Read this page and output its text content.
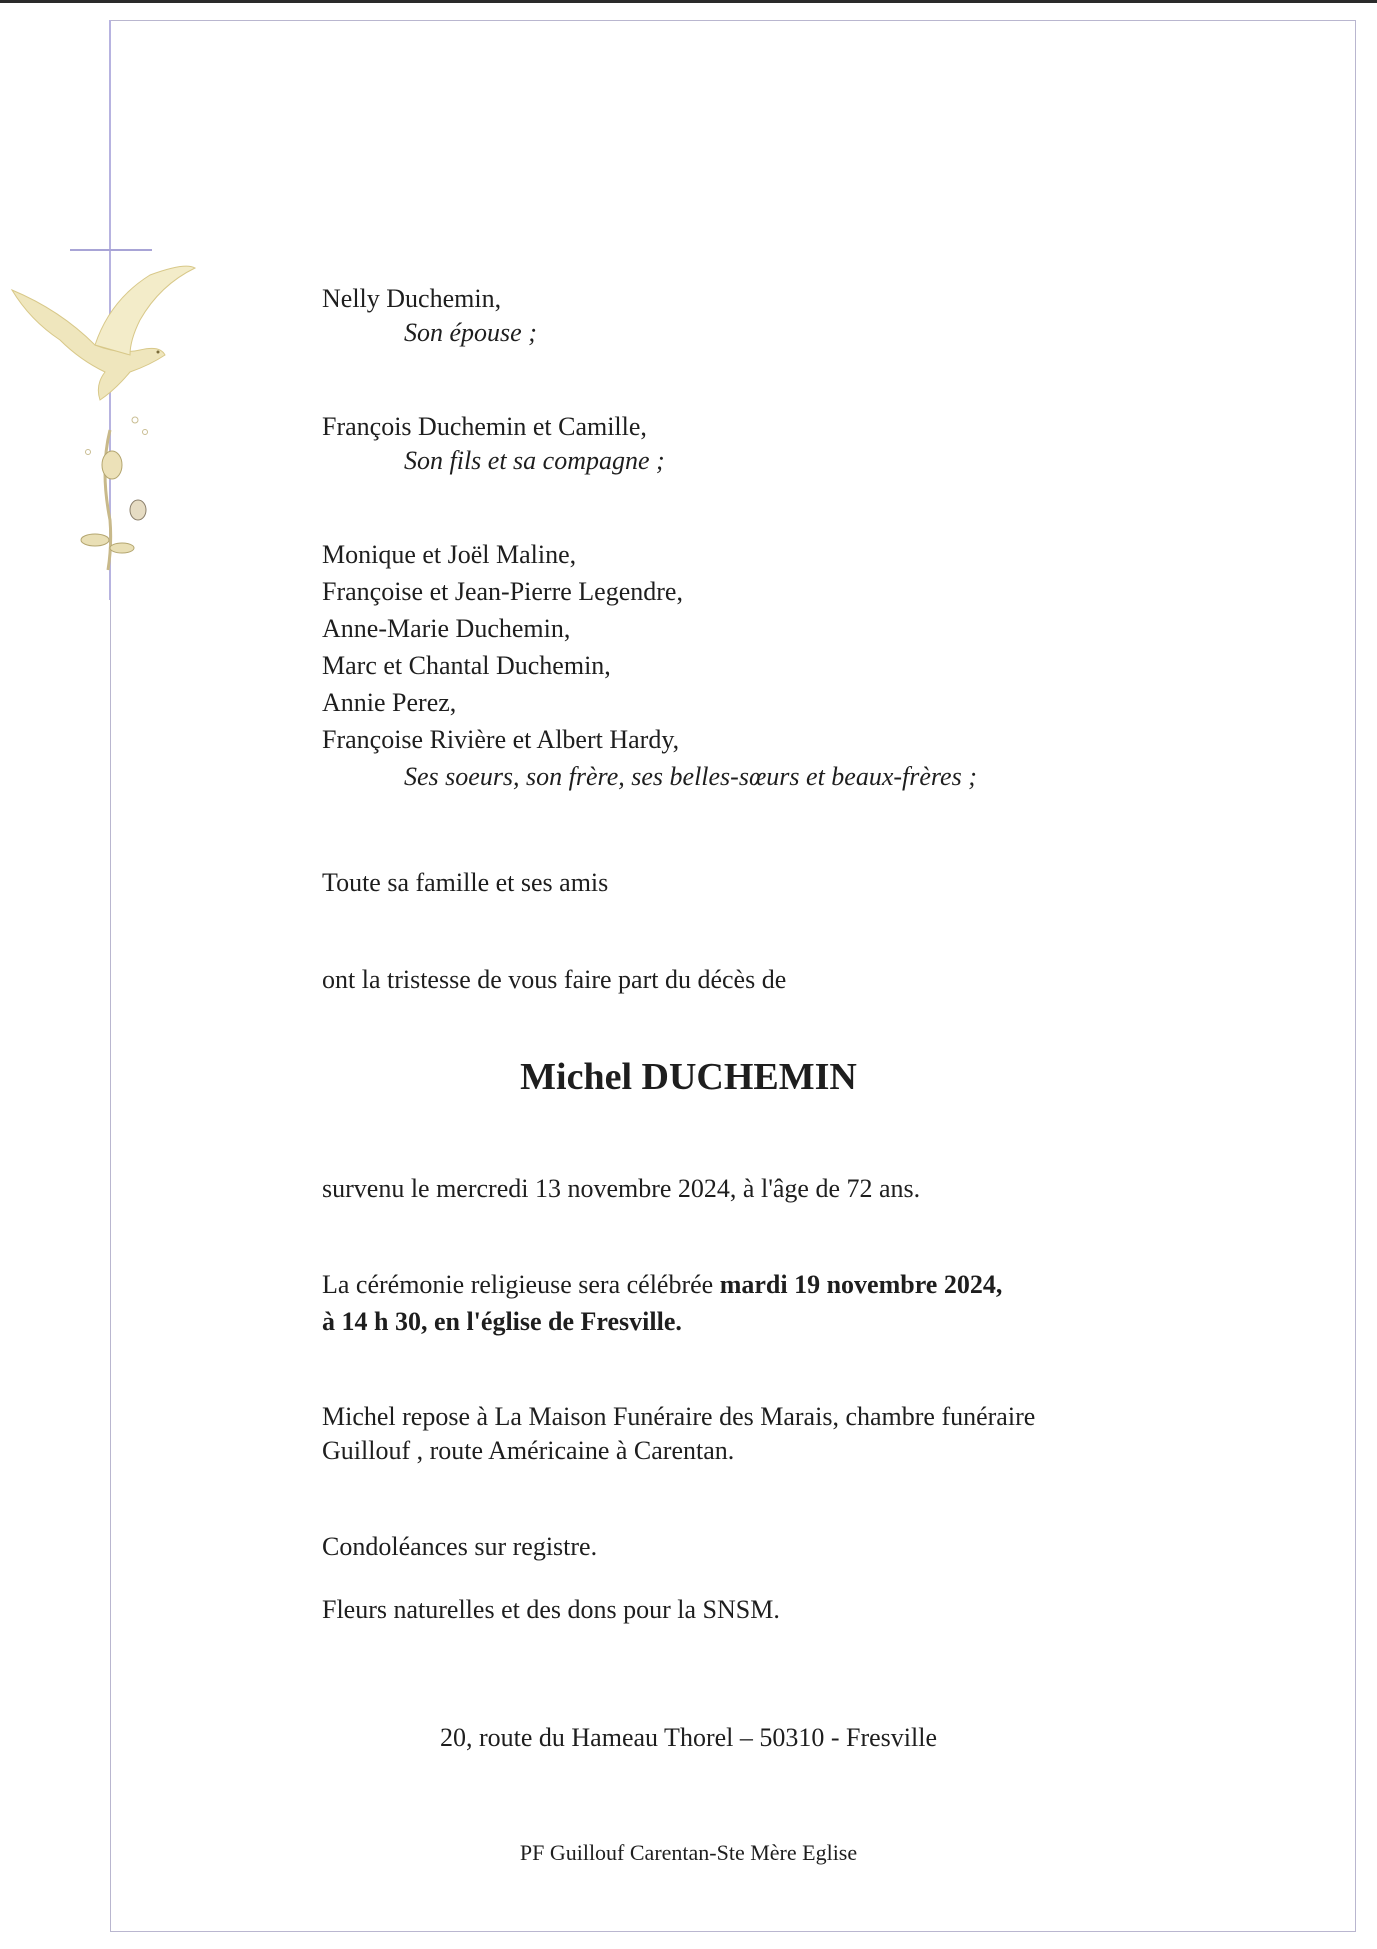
Nelly Duchemin,
Son épouse ;
François Duchemin et Camille,
Son fils et sa compagne ;
Monique et Joël Maline,
Françoise et Jean-Pierre Legendre,
Anne-Marie Duchemin,
Marc et Chantal Duchemin,
Annie Perez,
Françoise Rivière et Albert Hardy,
Ses soeurs, son frère, ses belles-sœurs et beaux-frères ;
Toute sa famille et ses amis
ont la tristesse de vous faire part du décès de
Michel DUCHEMIN
survenu le mercredi 13 novembre 2024, à l'âge de 72 ans.
La cérémonie religieuse sera célébrée mardi 19 novembre 2024,
à 14 h 30, en l'église de Fresville.
Michel repose à La Maison Funéraire des Marais, chambre funéraire
Guillouf , route Américaine à Carentan.
Condoléances sur registre.
Fleurs naturelles et des dons pour la SNSM.
20, route du Hameau Thorel – 50310 - Fresville
PF Guillouf Carentan-Ste Mère Eglise
